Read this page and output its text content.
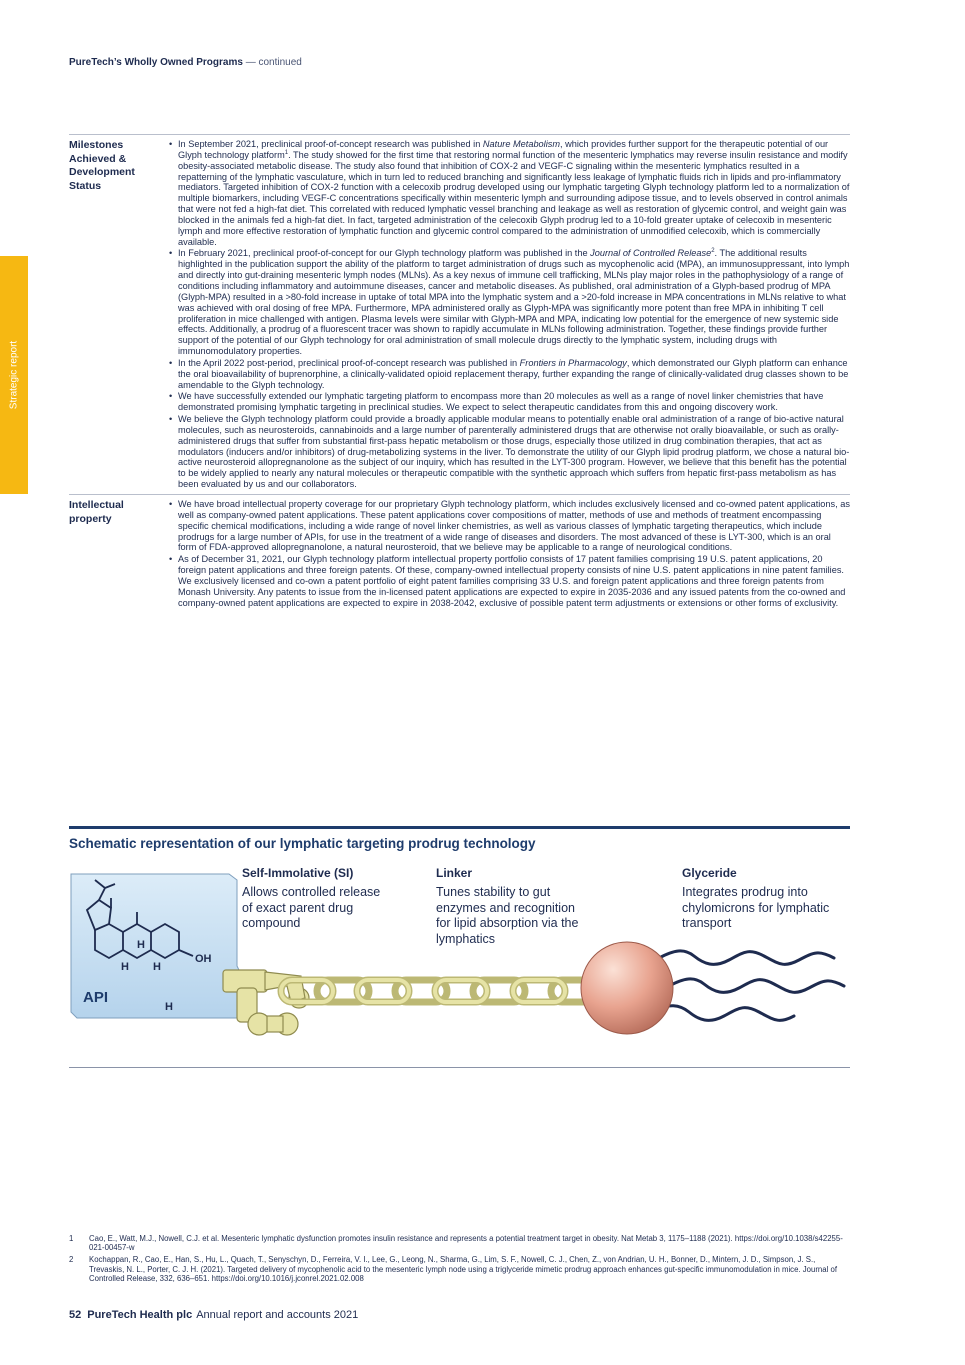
PureTech’s Wholly Owned Programs — continued
Strategic report
Milestones Achieved & Development Status
• In September 2021, preclinical proof-of-concept research was published in Nature Metabolism, which provides further support for the therapeutic potential of our Glyph technology platform$^1$. The study showed for the first time that restoring normal function of the mesenteric lymphatics may reverse insulin resistance and modify obesity-associated metabolic disease. The study also found that inhibition of COX-2 and VEGF-C signaling within the mesenteric lymphatics resulted in a repatterning of the lymphatic vasculature, which in turn led to reduced branching and significantly less leakage of lymphatic fluids rich in lipids and pro-inflammatory mediators. Targeted inhibition of COX-2 function with a celecoxib prodrug developed using our lymphatic targeting Glyph technology platform led to a normalization of multiple biomarkers, including VEGF-C concentrations specifically within mesenteric lymph and surrounding adipose tissue, and to levels observed in control animals that were not fed a high-fat diet. This correlated with reduced lymphatic vessel branching and leakage as well as restoration of glycemic control, and weight gain was blocked in the animals fed a high-fat diet. In fact, targeted administration of the celecoxib Glyph prodrug led to a 10-fold greater uptake of celecoxib in mesenteric lymph and more effective restoration of lymphatic function and glycemic control compared to the administration of unmodified celecoxib, which is commercially available.
• In February 2021, preclinical proof-of-concept for our Glyph technology platform was published in the Journal of Controlled Release$^2$. The additional results highlighted in the publication support the ability of the platform to target administration of drugs such as mycophenolic acid (MPA), an immunosuppressant, into lymph and directly into gut-draining mesenteric lymph nodes (MLNs). As a key nexus of immune cell trafficking, MLNs play major roles in the pathophysiology of a range of conditions including inflammatory and autoimmune diseases, cancer and metabolic diseases. As published, oral administration of a Glyph-based prodrug of MPA (Glyph-MPA) resulted in a >80-fold increase in uptake of total MPA into the lymphatic system and a >20-fold increase in MPA concentrations in MLNs relative to what was achieved with oral dosing of free MPA. Furthermore, MPA administered orally as Glyph-MPA was significantly more potent than free MPA in inhibiting T cell proliferation in mice challenged with antigen. Plasma levels were similar with Glyph-MPA and MPA, indicating low potential for the emergence of new systemic side effects. Additionally, a prodrug of a fluorescent tracer was shown to rapidly accumulate in MLNs following administration. Together, these findings provide further support of the potential of our Glyph technology for oral administration of small molecule drugs directly to the lymphatic system, including drugs with immunomodulatory properties.
• In the April 2022 post-period, preclinical proof-of-concept research was published in Frontiers in Pharmacology, which demonstrated our Glyph platform can enhance the oral bioavailability of buprenorphine, a clinically-validated opioid replacement therapy, further expanding the range of clinically-validated drug classes shown to be amendable to the Glyph technology.
• We have successfully extended our lymphatic targeting platform to encompass more than 20 molecules as well as a range of novel linker chemistries that have demonstrated promising lymphatic targeting in preclinical studies. We expect to select therapeutic candidates from this and ongoing discovery work.
• We believe the Glyph technology platform could provide a broadly applicable modular means to potentially enable oral administration of a range of bio-active natural molecules, such as neurosteroids, cannabinoids and a large number of parenterally administered drugs that are otherwise not orally bioavailable, or such as orally-administered drugs that suffer from substantial first-pass hepatic metabolism or those drugs, especially those utilized in drug combination therapies, that act as modulators (inducers and/or inhibitors) of drug-metabolizing systems in the liver. To demonstrate the utility of our Glyph lipid prodrug platform, we chose a natural bio-active neurosteroid allopregnanolone as the subject of our inquiry, which has resulted in the LYT-300 program. However, we believe that this benefit has the potential to be widely applied to nearly any natural molecules or therapeutic compatible with the synthetic approach which suffers from hepatic first-pass metabolism as has been evaluated by us and our collaborators.
Intellectual property
• We have broad intellectual property coverage for our proprietary Glyph technology platform, which includes exclusively licensed and co-owned patent applications, as well as company-owned patent applications. These patent applications cover compositions of matter, methods of use and methods of treatment encompassing specific chemical modifications, including a wide range of novel linker chemistries, as well as various classes of lymphatic targeting therapeutics, which include prodrugs for a large number of APIs, for use in the treatment of a wide range of diseases and disorders. The most advanced of these is LYT-300, which is an oral form of FDA-approved allopregnanolone, a natural neurosteroid, that we believe may be applicable to a range of neurological conditions.
• As of December 31, 2021, our Glyph technology platform intellectual property portfolio consists of 17 patent families comprising 19 U.S. patent applications, 20 foreign patent applications and three foreign patents. Of these, company-owned intellectual property consists of nine U.S. patent applications in nine patent families. We exclusively licensed and co-own a patent portfolio of eight patent families comprising 33 U.S. and foreign patent applications and three foreign patents from Monash University. Any patents to issue from the in-licensed patent applications are expected to expire in 2035-2036 and any issued patents from the co-owned and company-owned patent applications are expected to expire in 2038-2042, exclusive of possible patent term adjustments or extensions or other forms of exclusivity.
Schematic representation of our lymphatic targeting prodrug technology
Self-Immolative (SI)
Allows controlled release of exact parent drug compound
Linker
Tunes stability to gut enzymes and recognition for lipid absorption via the lymphatics
Glyceride
Integrates prodrug into chylomicrons for lymphatic transport
API
H
H H
H
OH
1 Cao, E., Watt, M.J., Nowell, C.J. et al. Mesenteric lymphatic dysfunction promotes insulin resistance and represents a potential treatment target in obesity. Nat Metab 3, 1175–1188 (2021). https://doi.org/10.1038/s42255-021-00457-w
2 Kochappan, R., Cao, E., Han, S., Hu, L., Quach, T., Senyschyn, D., Ferreira, V. I., Lee, G., Leong, N., Sharma, G., Lim, S. F., Nowell, C. J., Chen, Z., von Andrian, U. H., Bonner, D., Mintern, J. D., Simpson, J. S., Trevaskis, N. L., Porter, C. J. H. (2021). Targeted delivery of mycophenolic acid to the mesenteric lymph node using a triglyceride mimetic prodrug approach enhances gut-specific immunomodulation in mice. Journal of Controlled Release, 332, 636–651. https://doi.org/10.1016/j.jconrel.2021.02.008
52 PureTech Health plc Annual report and accounts 2021
